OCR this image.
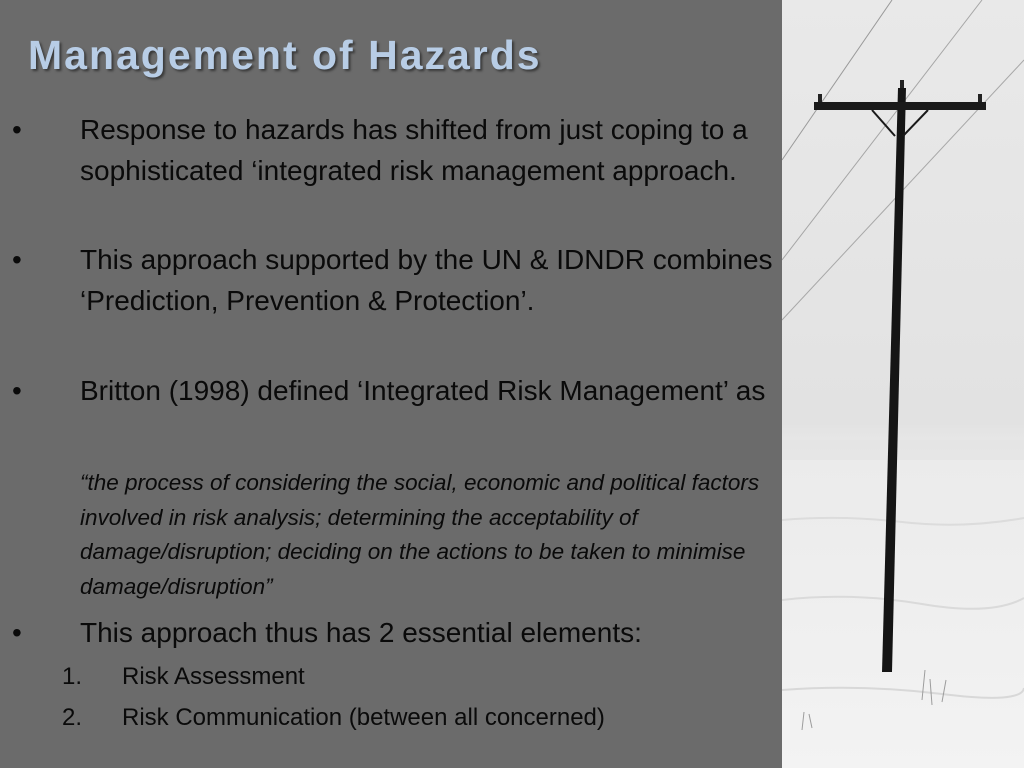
Management of Hazards
• Response to hazards has shifted from just coping to a sophisticated ‘integrated risk management approach.
• This approach supported by the UN & IDNDR combines ‘Prediction, Prevention & Protection’.
• Britton (1998) defined ‘Integrated Risk Management’ as
“the process of considering the social, economic and political factors involved in risk analysis; determining the acceptability of damage/disruption; deciding on the actions to be taken to minimise damage/disruption”
• This approach thus has 2 essential elements:
1. Risk Assessment
2. Risk Communication (between all concerned)
